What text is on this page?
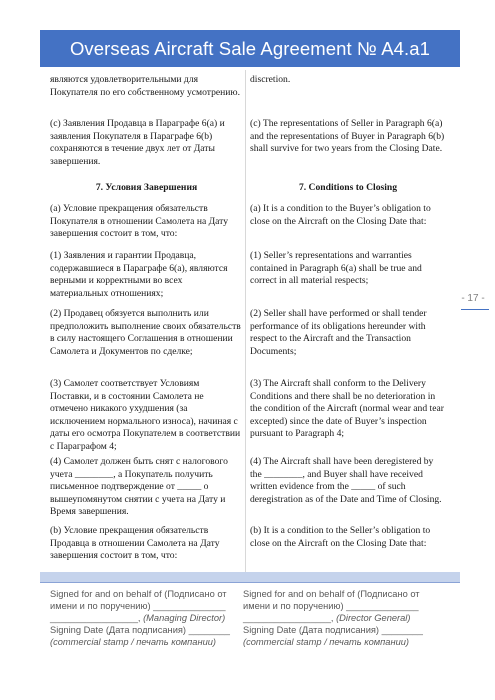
Overseas Aircraft Sale Agreement № A4.a1
являются удовлетворительными для Покупателя по его собственному усмотрению.
discretion.
(c) Заявления Продавца в Параграфе 6(а) и заявления Покупателя в Параграфе 6(b) сохраняются в течение двух лет от Даты завершения.
(c) The representations of Seller in Paragraph 6(a) and the representations of Buyer in Paragraph 6(b) shall survive for two years from the Closing Date.
7. Условия Завершения	7. Conditions to Closing
(а) Условие прекращения обязательств Покупателя в отношении Самолета на Дату завершения состоит в том, что:
(a) It is a condition to the Buyer’s obligation to close on the Aircraft on the Closing Date that:
(1) Заявления и гарантии Продавца, содержавшиеся в Параграфе 6(а), являются верными и корректными во всех материальных отношениях;
(1) Seller’s representations and warranties contained in Paragraph 6(a) shall be true and correct in all material respects;
(2) Продавец обязуется выполнить или предположить выполнение своих обязательств в силу настоящего Соглашения в отношении Самолета и Документов по сделке;
(2) Seller shall have performed or shall tender performance of its obligations hereunder with respect to the Aircraft and the Transaction Documents;
(3) Самолет соответствует Условиям Поставки, и в состоянии Самолета не отмечено никакого ухудшения (за исключением нормального износа), начиная с даты его осмотра Покупателем в соответствии с Параграфом 4;
(3) The Aircraft shall conform to the Delivery Conditions and there shall be no deterioration in the condition of the Aircraft (normal wear and tear excepted) since the date of Buyer’s inspection pursuant to Paragraph 4;
(4) Самолет должен быть снят с налогового учета ________, а Покупатель получить письменное подтверждение от _____ о вышеупомянутом снятии с учета на Дату и Время завершения.
(4) The Aircraft shall have been deregistered by the ________, and Buyer shall have received written evidence from the _____ of such deregistration as of the Date and Time of Closing.
(b) Условие прекращения обязательств Продавца в отношении Самолета на Дату завершения состоит в том, что:
(b) It is a condition to the Seller’s obligation to close on the Aircraft on the Closing Date that:
- 17 -
Signed for and on behalf of (Подписано от
имени и по поручению) ______________
_________________, (Managing Director)
Signing Date (Дата подписания) ________
(commercial stamp / печать компании)
Signed for and on behalf of (Подписано от
имени и по поручению) ______________
_________________, (Director General)
Signing Date (Дата подписания) ________
(commercial stamp / печать компании)
